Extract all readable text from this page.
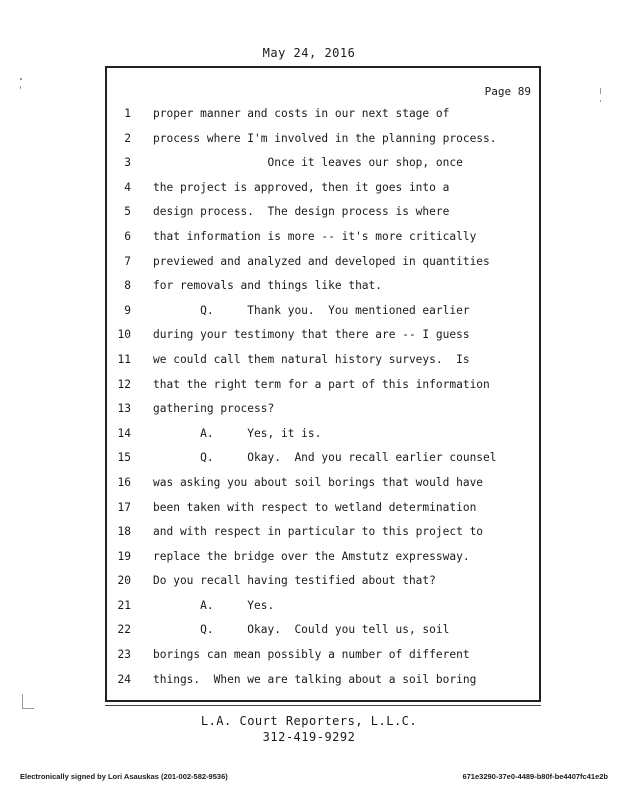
May 24, 2016
Page 89
1 proper manner and costs in our next stage of
2 process where I'm involved in the planning process.
3 Once it leaves our shop, once
4 the project is approved, then it goes into a
5 design process.  The design process is where
6 that information is more -- it's more critically
7 previewed and analyzed and developed in quantities
8 for removals and things like that.
9 Q.     Thank you.  You mentioned earlier
10 during your testimony that there are -- I guess
11 we could call them natural history surveys.  Is
12 that the right term for a part of this information
13 gathering process?
14 A.     Yes, it is.
15 Q.     Okay.  And you recall earlier counsel
16 was asking you about soil borings that would have
17 been taken with respect to wetland determination
18 and with respect in particular to this project to
19 replace the bridge over the Amstutz expressway.
20 Do you recall having testified about that?
21 A.     Yes.
22 Q.     Okay.  Could you tell us, soil
23 borings can mean possibly a number of different
24 things.  When we are talking about a soil boring
L.A. Court Reporters, L.L.C.
312-419-9292
Electronically signed by Lori Asauskas (201-002-582-9536)	671e3290-37e0-4489-b80f-be4407fc41e2b
